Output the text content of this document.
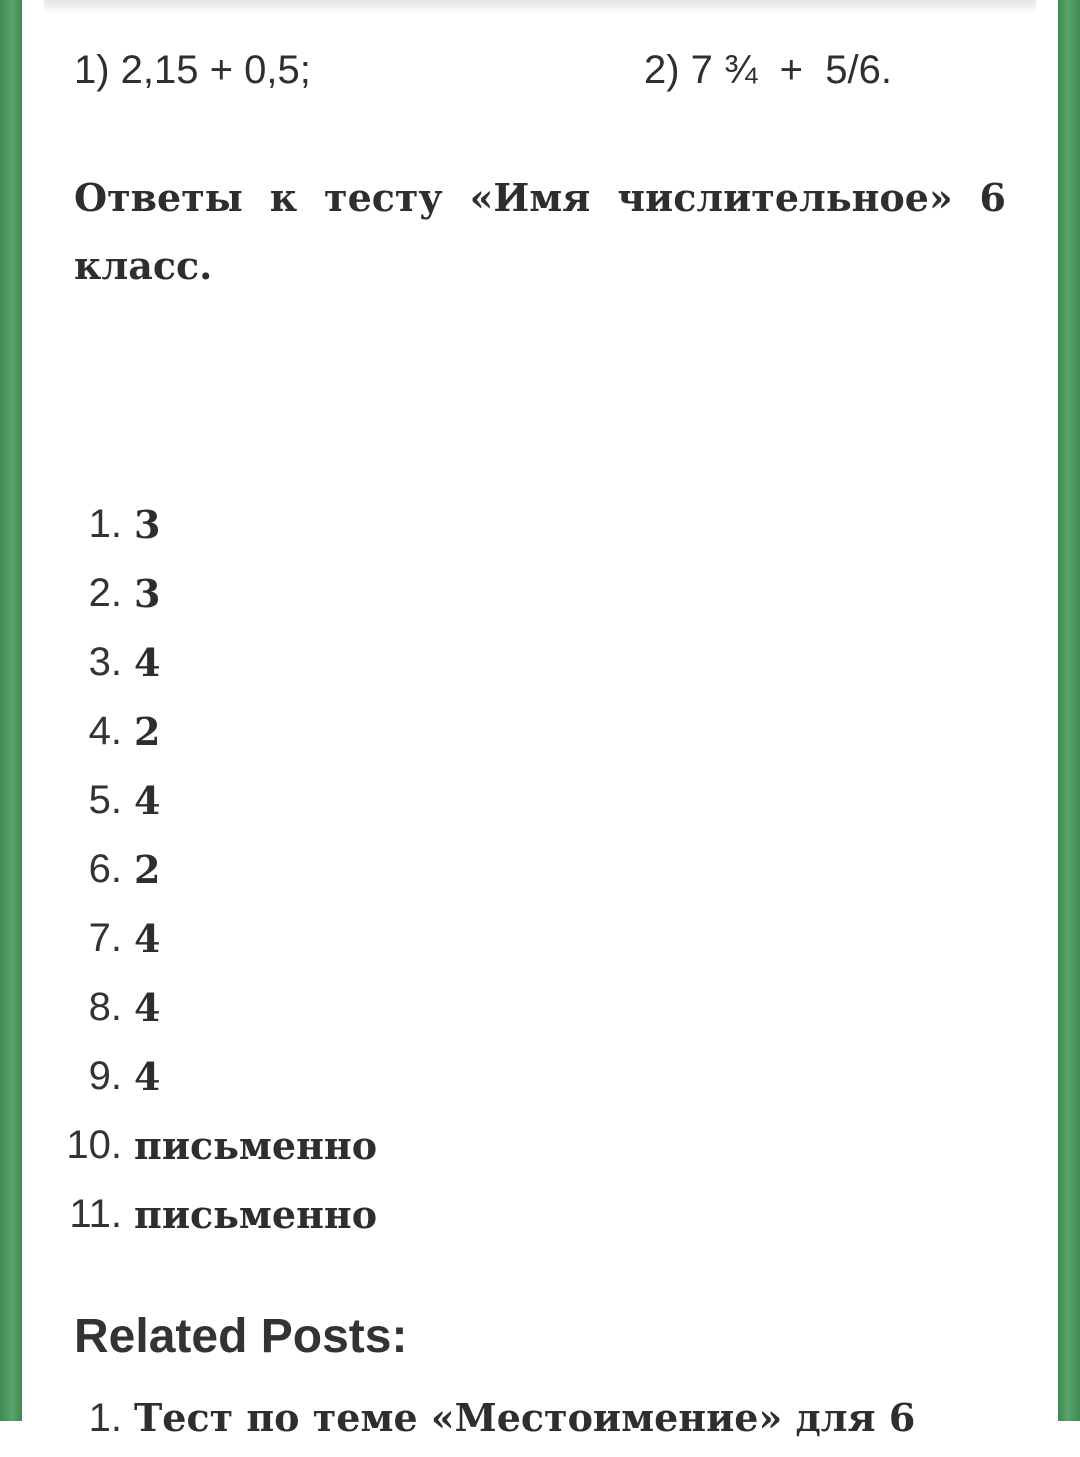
1) 2,15 + 0,5;	2) 7 ¾  +  5/6.

Ответы к тесту «Имя числительное» 6 класс.

1. 3
2. 3
3. 4
4. 2
5. 4
6. 2
7. 4
8. 4
9. 4
10. письменно
11. письменно
Related Posts:
1. Тест по теме «Местоимение» для 6
